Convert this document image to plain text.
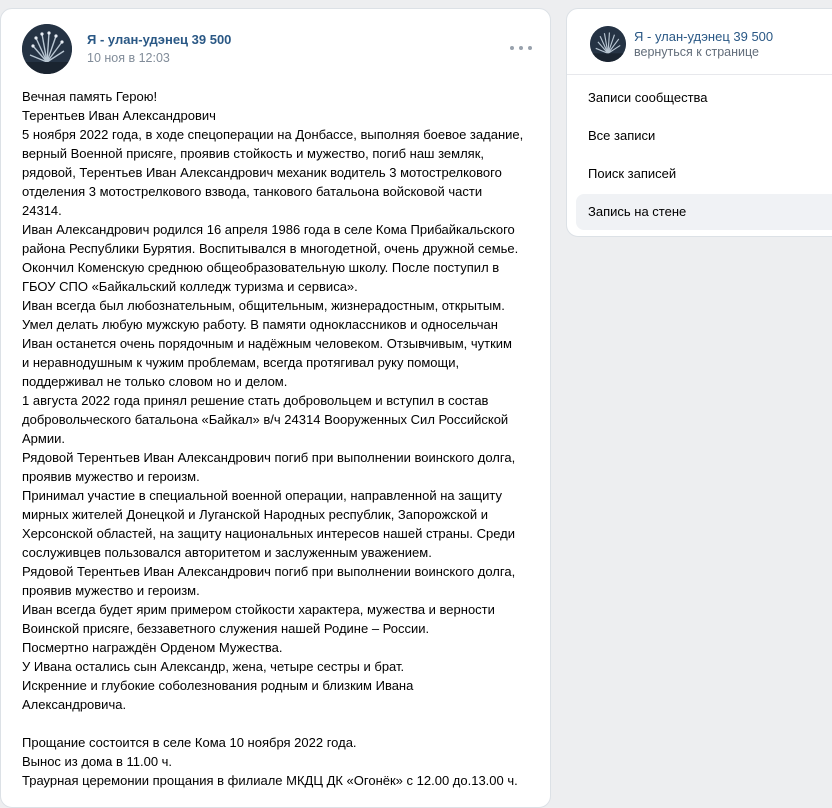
Я - улан-удэнец 39 500
10 ноя в 12:03
Вечная память Герою!
Терентьев Иван Александрович
5 ноября 2022 года, в ходе спецоперации на Донбассе, выполняя боевое задание,
верный Военной присяге, проявив стойкость и мужество, погиб наш земляк,
рядовой, Терентьев Иван Александрович механик водитель 3 мотострелкового
отделения 3 мотострелкового взвода, танкового батальона войсковой части
24314.
Иван Александрович родился 16 апреля 1986 года в селе Кома Прибайкальского
района Республики Бурятия. Воспитывался в многодетной, очень дружной семье.
Окончил Коменскую среднюю общеобразовательную школу. После поступил в
ГБОУ СПО «Байкальский колледж туризма и сервиса».
Иван всегда был любознательным, общительным, жизнерадостным, открытым.
Умел делать любую мужскую работу. В памяти одноклассников и односельчан
Иван останется очень порядочным и надёжным человеком. Отзывчивым, чутким
и неравнодушным к чужим проблемам, всегда протягивал руку помощи,
поддерживал не только словом но и делом.
1 августа 2022 года принял решение стать добровольцем и вступил в состав
добровольческого батальона «Байкал» в/ч 24314 Вооруженных Сил Российской
Армии.
Рядовой Терентьев Иван Александрович погиб при выполнении воинского долга,
проявив мужество и героизм.
Принимал участие в специальной военной операции, направленной на защиту
мирных жителей Донецкой и Луганской Народных республик, Запорожской и
Херсонской областей, на защиту национальных интересов нашей страны. Среди
сослуживцев пользовался авторитетом и заслуженным уважением.
Рядовой Терентьев Иван Александрович погиб при выполнении воинского долга,
проявив мужество и героизм.
Иван всегда будет ярим примером стойкости характера, мужества и верности
Воинской присяге, беззаветного служения нашей Родине – России.
Посмертно награждён Орденом Мужества.
У Ивана остались сын Александр, жена, четыре сестры и брат.
Искренние и глубокие соболезнования родным и близким Ивана
Александровича.
Прощание состоится в селе Кома 10 ноября 2022 года.
Вынос из дома в 11.00 ч.
Траурная церемонии прощания в филиале МКДЦ ДК «Огонёк» с 12.00 до.13.00 ч.
Я - улан-удэнец 39 500
вернуться к странице
Записи сообщества
Все записи
Поиск записей
Запись на стене
